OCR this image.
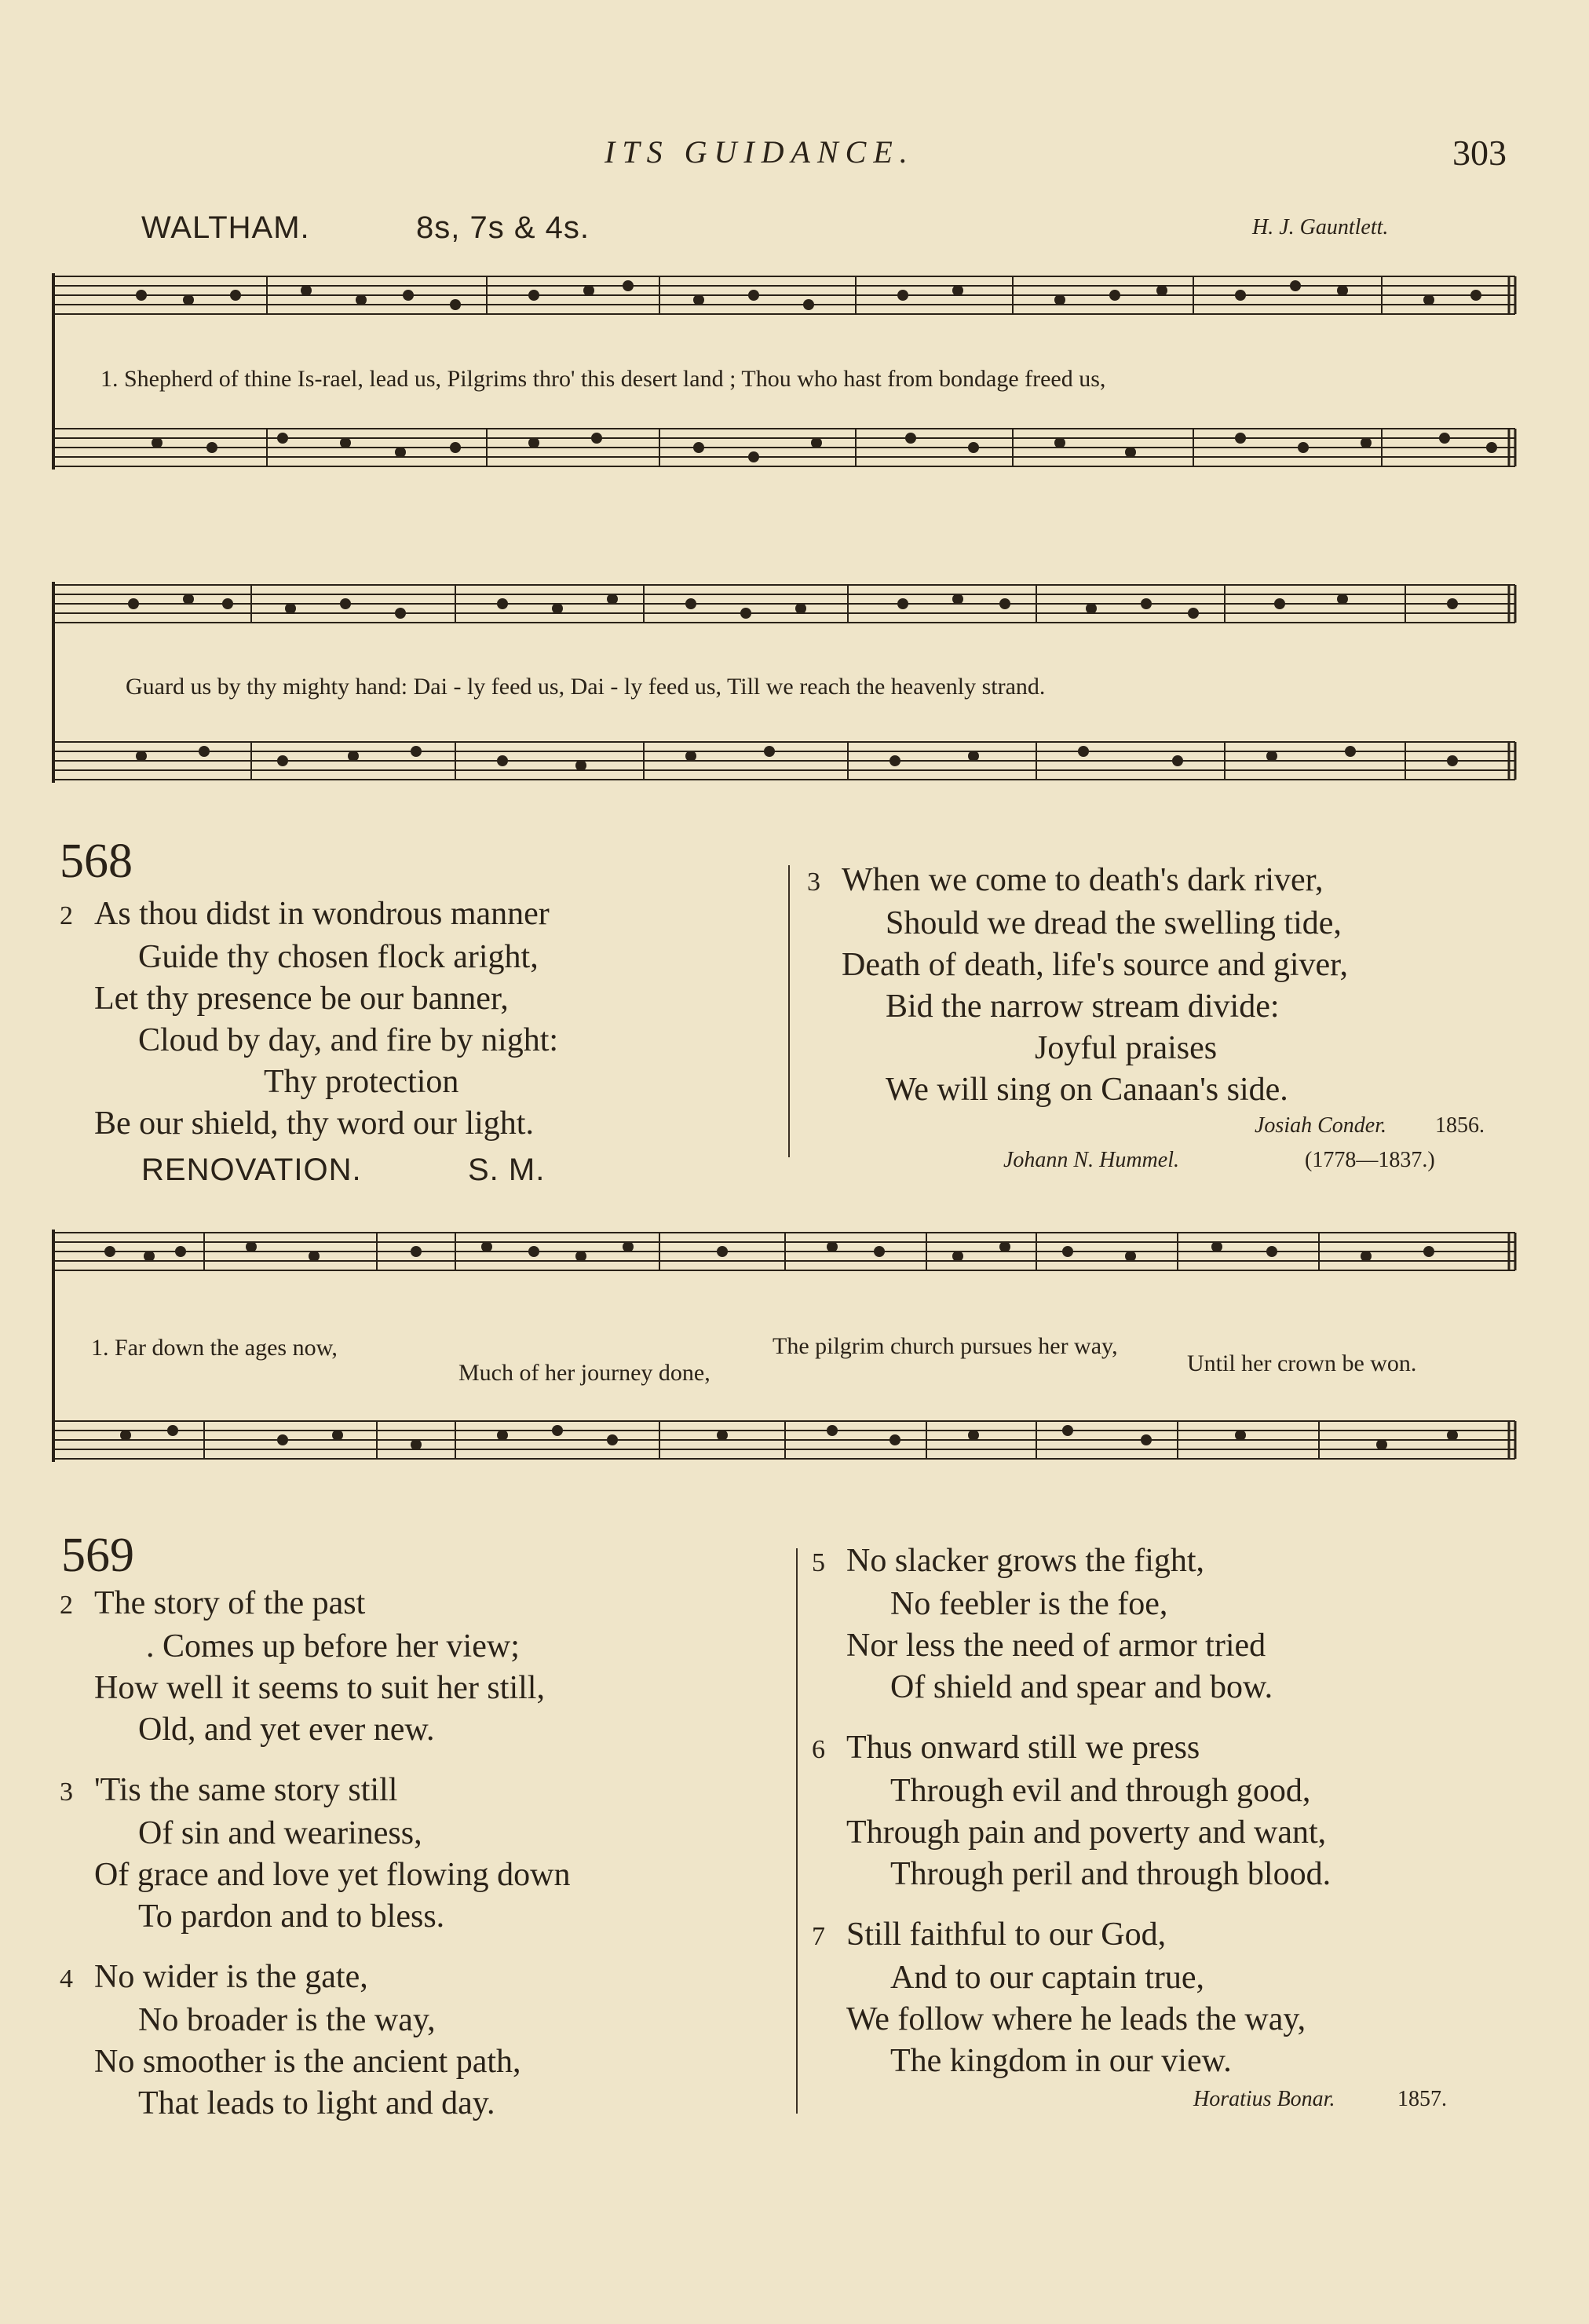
ITS GUIDANCE.	303
WALTHAM.	8s, 7s & 4s.	H. J. Gauntlett.
1. Shepherd of thine Is-rael, lead us, Pilgrims thro' this desert land ; Thou who hast from bondage freed us,
Guard us by thy mighty hand: Dai - ly feed us, Dai - ly feed us, Till we reach the heavenly strand.
568
2 As thou didst in wondrous manner
Guide thy chosen flock aright,
Let thy presence be our banner,
Cloud by day, and fire by night:
Thy protection
Be our shield, thy word our light.
3 When we come to death's dark river,
Should we dread the swelling tide,
Death of death, life's source and giver,
Bid the narrow stream divide:
Joyful praises
We will sing on Canaan's side.
Josiah Conder. 1856.
RENOVATION.	S. M.	Johann N. Hummel.	(1778—1837.)
1. Far down the ages now,
Much of her journey done,
The pilgrim church pursues her way,
Until her crown be won.
569
2 The story of the past
. Comes up before her view;
How well it seems to suit her still,
Old, and yet ever new.
3 'Tis the same story still
Of sin and weariness,
Of grace and love yet flowing down
To pardon and to bless.
4 No wider is the gate,
No broader is the way,
No smoother is the ancient path,
That leads to light and day.
5 No slacker grows the fight,
No feebler is the foe,
Nor less the need of armor tried
Of shield and spear and bow.
6 Thus onward still we press
Through evil and through good,
Through pain and poverty and want,
Through peril and through blood.
7 Still faithful to our God,
And to our captain true,
We follow where he leads the way,
The kingdom in our view.
Horatius Bonar.	1857.
